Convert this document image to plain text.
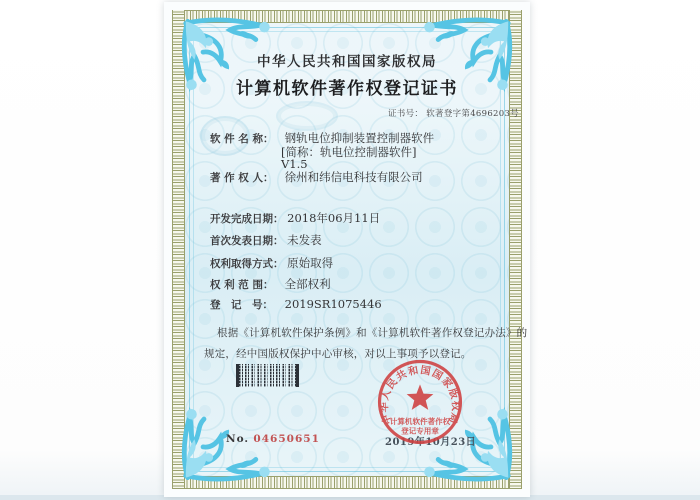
中华人民共和国国家版权局
计算机软件著作权登记证书
证书号： 软著登字第4696203号
软 件 名 称： 钢轨电位抑制装置控制器软件
[简称：轨电位控制器软件]
V1.5
著 作 权 人： 徐州和纬信电科技有限公司
开发完成日期： 2018年06月11日
首次发表日期： 未发表
权利取得方式： 原始取得
权 利 范 围： 全部权利
登　记　号： 2019SR1075446
根据《计算机软件保护条例》和《计算机软件著作权登记办法》的
规定，经中国版权保护中心审核，对以上事项予以登记。
No. 04650651	2019年10月23日
中华人民共和国国家版权局
计算机软件著作权
登记专用章
